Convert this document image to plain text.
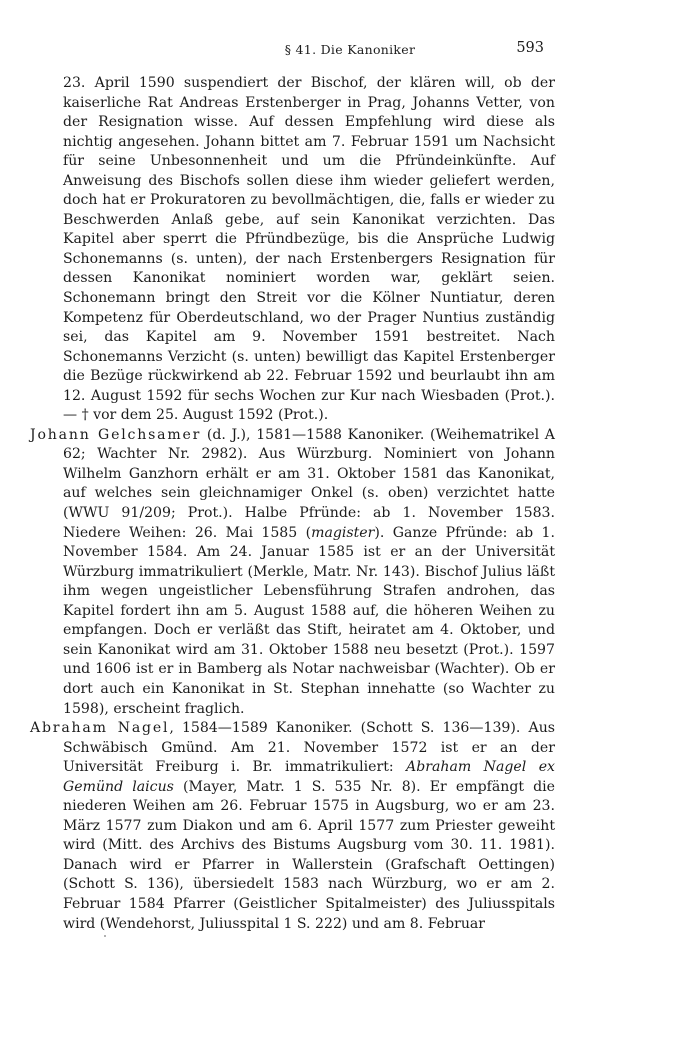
§ 41. Die Kanoniker	593

23. April 1590 suspendiert der Bischof, der klären will, ob der kaiserliche Rat Andreas Erstenberger in Prag, Johanns Vetter, von der Resignation wisse. Auf dessen Empfehlung wird diese als nichtig angesehen. Johann bittet am 7. Februar 1591 um Nachsicht für seine Unbesonnenheit und um die Pfründeinkünfte. Auf Anweisung des Bischofs sollen diese ihm wieder geliefert werden, doch hat er Prokuratoren zu bevollmächtigen, die, falls er wieder zu Beschwerden Anlaß gebe, auf sein Kanonikat verzichten. Das Kapitel aber sperrt die Pfründbezüge, bis die Ansprüche Ludwig Schonemanns (s. unten), der nach Erstenbergers Resignation für dessen Kanonikat nominiert worden war, geklärt seien. Schonemann bringt den Streit vor die Kölner Nuntiatur, deren Kompetenz für Oberdeutschland, wo der Prager Nuntius zuständig sei, das Kapitel am 9. November 1591 bestreitet. Nach Schonemanns Verzicht (s. unten) bewilligt das Kapitel Erstenberger die Bezüge rückwirkend ab 22. Februar 1592 und beurlaubt ihn am 12. August 1592 für sechs Wochen zur Kur nach Wiesbaden (Prot.). — † vor dem 25. August 1592 (Prot.).

Johann Gelchsamer (d. J.), 1581—1588 Kanoniker. (Weihematrikel A 62; Wachter Nr. 2982). Aus Würzburg. Nominiert von Johann Wilhelm Ganzhorn erhält er am 31. Oktober 1581 das Kanonikat, auf welches sein gleichnamiger Onkel (s. oben) verzichtet hatte (WWU 91/209; Prot.). Halbe Pfründe: ab 1. November 1583. Niedere Weihen: 26. Mai 1585 (magister). Ganze Pfründe: ab 1. November 1584. Am 24. Januar 1585 ist er an der Universität Würzburg immatrikuliert (Merkle, Matr. Nr. 143). Bischof Julius läßt ihm wegen ungeistlicher Lebensführung Strafen androhen, das Kapitel fordert ihn am 5. August 1588 auf, die höheren Weihen zu empfangen. Doch er verläßt das Stift, heiratet am 4. Oktober, und sein Kanonikat wird am 31. Oktober 1588 neu besetzt (Prot.). 1597 und 1606 ist er in Bamberg als Notar nachweisbar (Wachter). Ob er dort auch ein Kanonikat in St. Stephan innehatte (so Wachter zu 1598), erscheint fraglich.

Abraham Nagel, 1584—1589 Kanoniker. (Schott S. 136—139). Aus Schwäbisch Gmünd. Am 21. November 1572 ist er an der Universität Freiburg i. Br. immatrikuliert: Abraham Nagel ex Gemünd laicus (Mayer, Matr. 1 S. 535 Nr. 8). Er empfängt die niederen Weihen am 26. Februar 1575 in Augsburg, wo er am 23. März 1577 zum Diakon und am 6. April 1577 zum Priester geweiht wird (Mitt. des Archivs des Bistums Augsburg vom 30. 11. 1981). Danach wird er Pfarrer in Wallerstein (Grafschaft Oettingen) (Schott S. 136), übersiedelt 1583 nach Würzburg, wo er am 2. Februar 1584 Pfarrer (Geistlicher Spitalmeister) des Juliusspitals wird (Wendehorst, Juliusspital 1 S. 222) und am 8. Februar
